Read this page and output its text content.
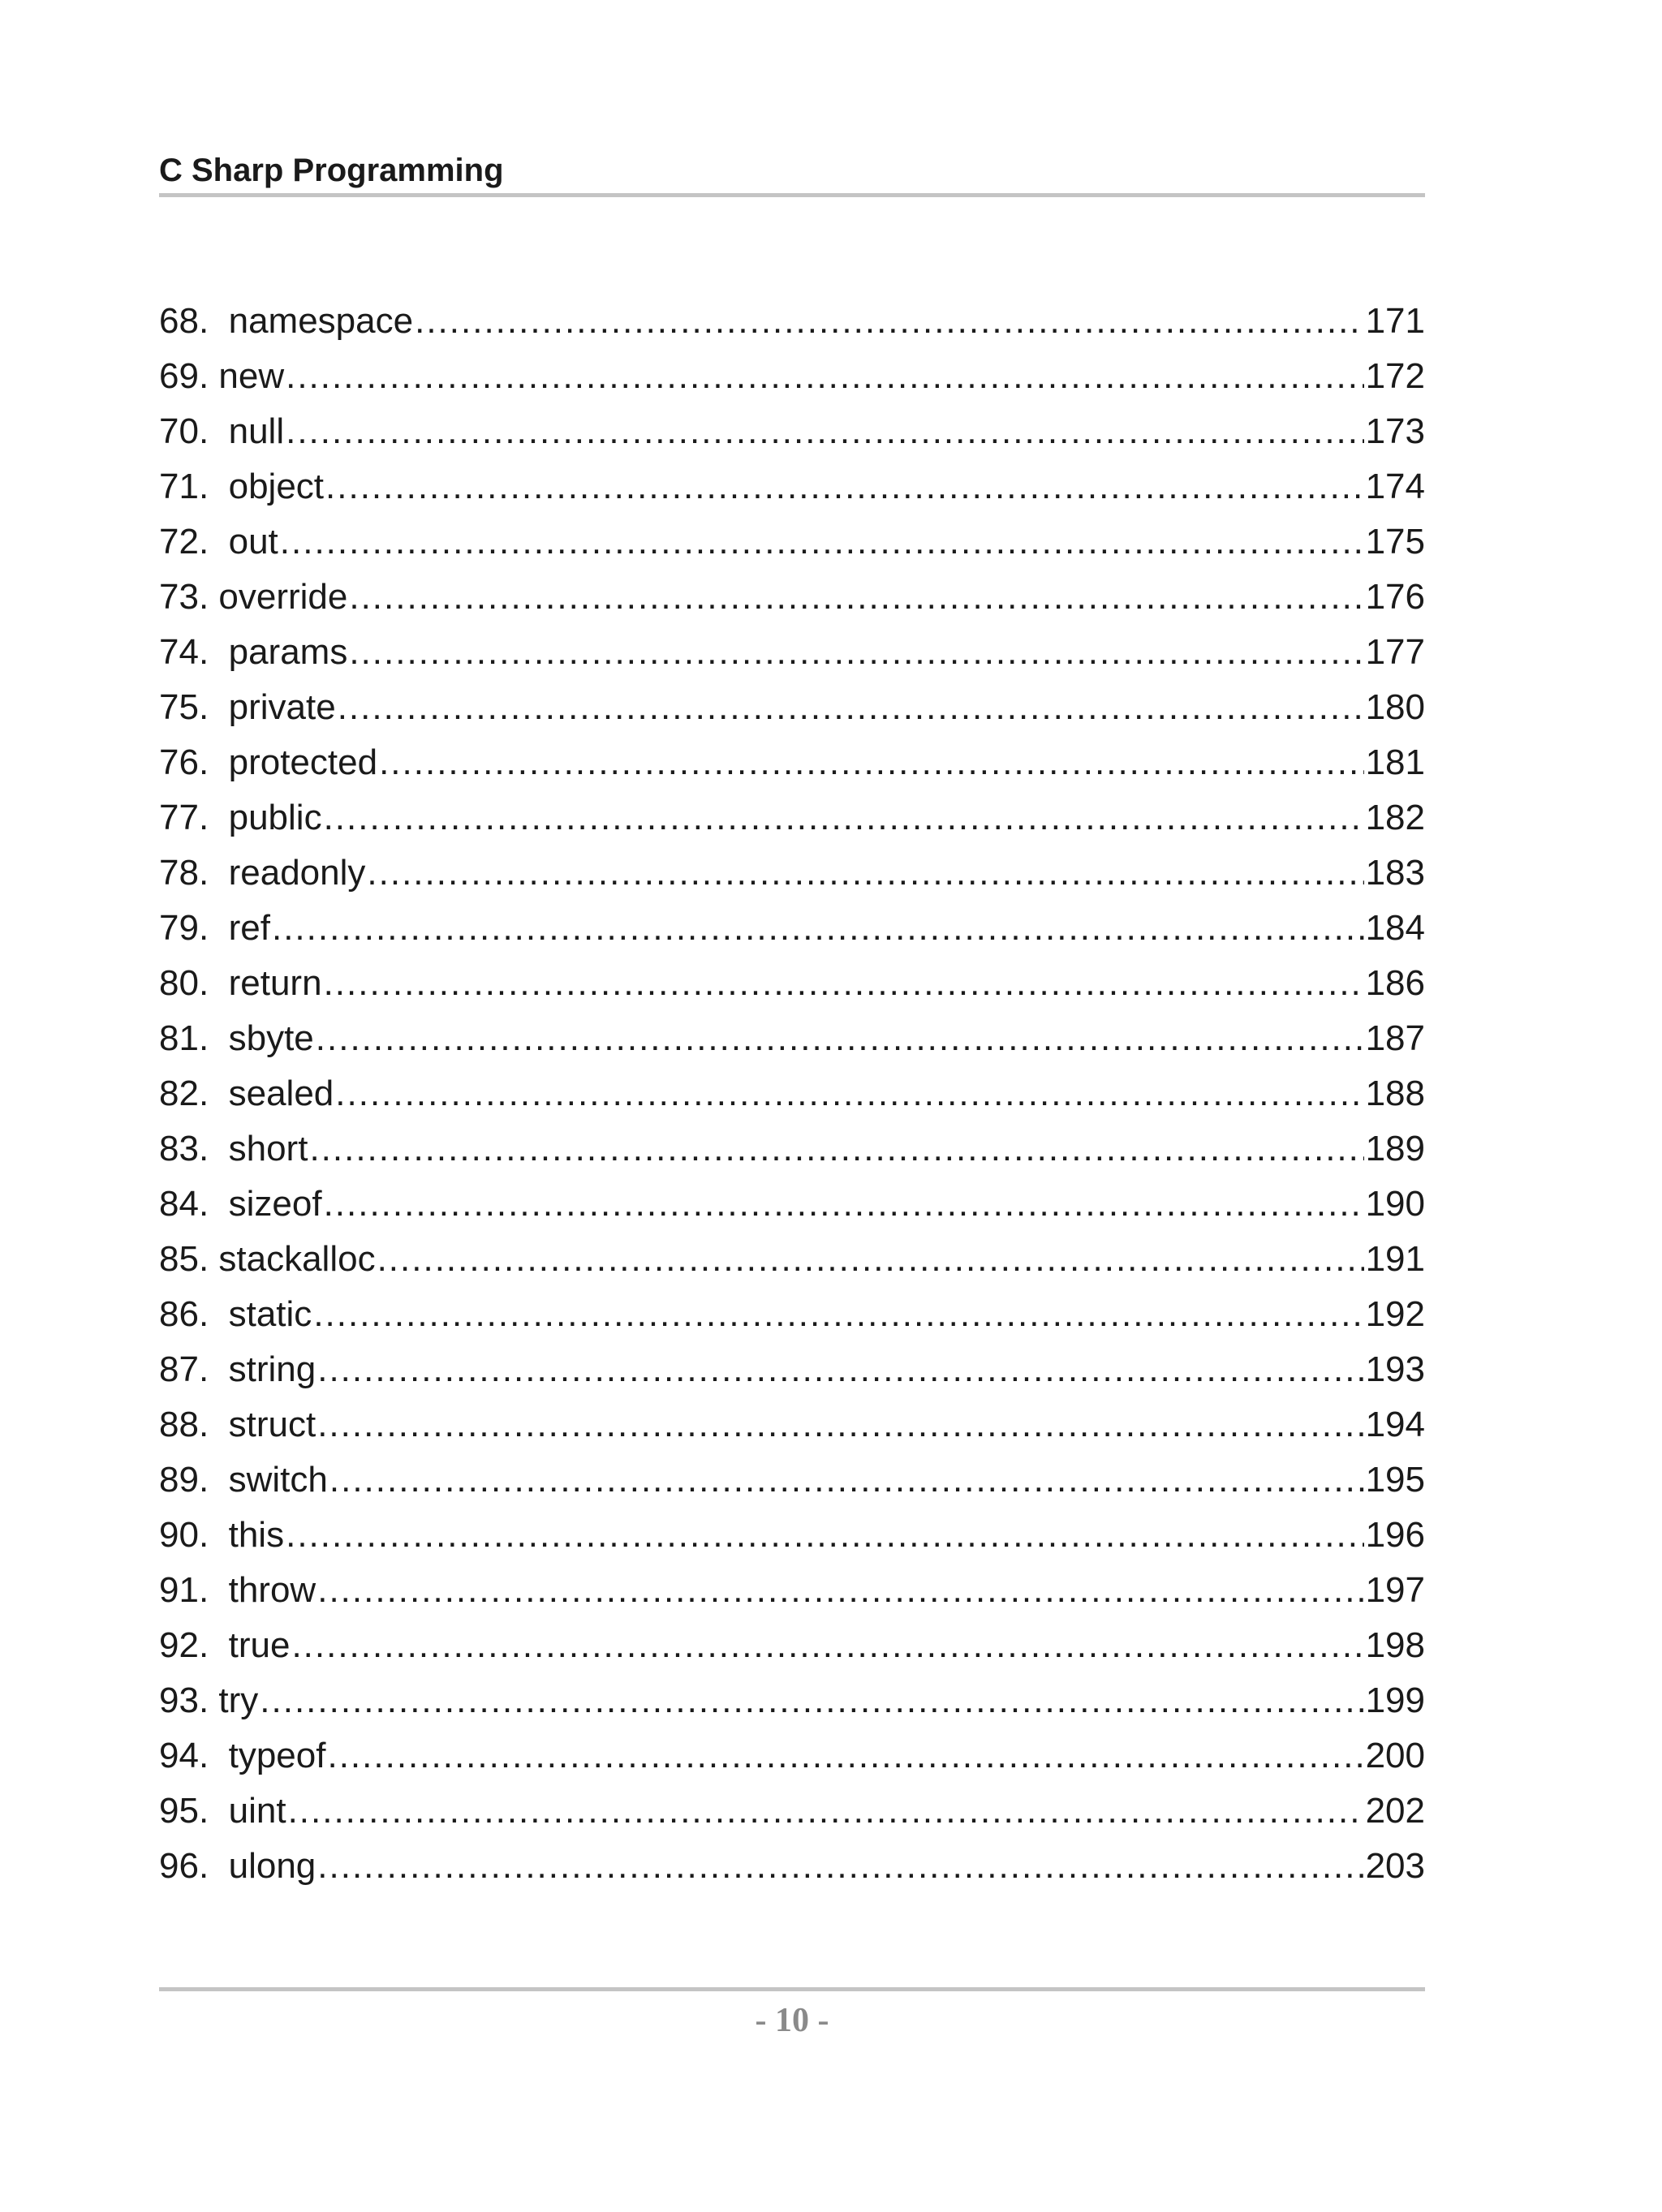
C Sharp Programming
68.  namespace .....	171
69. new .....	172
70.  null .....	173
71.  object .....	174
72.  out .....	175
73. override .....	176
74.  params .....	177
75.  private .....	180
76.  protected .....	181
77.  public .....	182
78.  readonly .....	183
79.  ref .....	184
80.  return .....	186
81.  sbyte .....	187
82.  sealed .....	188
83.  short .....	189
84.  sizeof .....	190
85. stackalloc .....	191
86.  static .....	192
87.  string .....	193
88.  struct .....	194
89.  switch .....	195
90.  this .....	196
91.  throw .....	197
92.  true .....	198
93. try .....	199
94.  typeof .....	200
95.  uint .....	202
96.  ulong .....	203
- 10 -
